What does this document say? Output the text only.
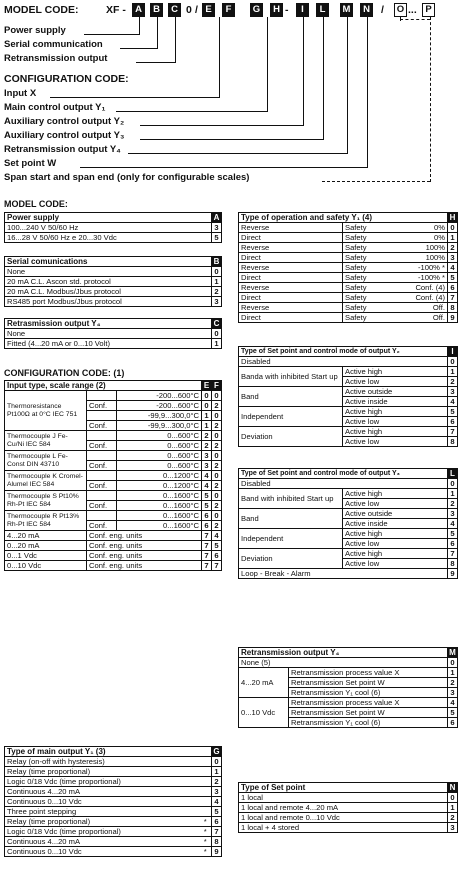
MODEL CODE:	XF - A	B	C 0 / E	F	G	H -	I	L	M	N / O ... P
Power supply
Serial communication
Retransmission output
CONFIGURATION CODE:
Input X
Main control output Y₁
Auxiliary control output Y₂
Auxiliary control output Y₃
Retransmission output Y₄
Set point W
Span start and span end (only for configurable scales)
MODEL CODE:
Power supply	A
100...240 V 50/60 Hz	3
16...28 V 50/60 Hz e 20...30 Vdc	5
Serial comunications	B
None	0
20 mA C.L. Ascon std. protocol	1
20 mA C.L. Modbus/Jbus protocol	2
RS485 port Modbus/Jbus protocol	3
Retrasmission output Y₄	C
None	0
Fitted (4...20 mA or 0...10 Volt)	1
CONFIGURATION CODE: (1)
Input type, scale range (2)			E	F
Thermoresistance Pt100Ω at 0°C IEC 751		-200...600°C	0	0
	Conf.	-200...600°C	0	2
		-99,9...300,0°C	1	0
	Conf.	-99,9...300,0°C	1	2
Thermocouple J Fe-Cu/Ni IEC 584		0...600°C	2	0
	Conf.	0...600°C	2	2
Thermocouple L Fe-Const DIN 43710		0...600°C	3	0
	Conf.	0...600°C	3	2
Thermocouple K Cromel-Alumel IEC 584		0...1200°C	4	0
	Conf.	0...1200°C	4	2
Thermocouple S Pt10% Rh-Pt IEC 584		0...1600°C	5	0
	Conf.	0...1600°C	5	2
Thermocouple R Pt13% Rh-Pt IEC 584		0...1600°C	6	0
	Conf.	0...1600°C	6	2
4...20 mA	Conf. eng. units		7	4
0...20 mA	Conf. eng. units		7	5
0...1 Vdc	Conf. eng. units		7	6
0...10 Vdc	Conf. eng. units		7	7
Type of main output Y₁ (3)		G
Relay (on-off with hysteresis)		0
Relay (time proportional)		1
Logic 0/18 Vdc (time proportional)		2
Continuous 4...20 mA		3
Continuous 0...10 Vdc		4
Three point stepping		5
Relay (time proportional)	*	6
Logic 0/18 Vdc (time proportional)	*	7
Continuous 4...20 mA	*	8
Continuous 0...10 Vdc	*	9
Type of operation and safety Y₁ (4)			H
Reverse	Safety	0%	0
Direct	Safety	0%	1
Reverse	Safety	100%	2
Direct	Safety	100%	3
Reverse	Safety	-100% *	4
Direct	Safety	-100% *	5
Reverse	Safety	Conf. (4)	6
Direct	Safety	Conf. (4)	7
Reverse	Safety	Off.	8
Direct	Safety	Off.	9
Type of Set point and control mode of output Y₂		I
Disabled		0
Banda with inhibited Start up	Active high	1
	Active low	2
Band	Active outside	3
	Active inside	4
Independent	Active high	5
	Active low	6
Deviation	Active high	7
	Active low	8
Type of Set point and control mode of output Y₃		L
Disabled		0
Band with inhibited Start up	Active high	1
	Active low	2
Band	Active outside	3
	Active inside	4
Independent	Active high	5
	Active low	6
Deviation	Active high	7
	Active low	8
Loop - Break - Alarm		9
Retransmission output Y₄		M
None (5)		0
4...20 mA	Retransmission process value X	1
	Retransmission Set point W	2
	Retransmission Y₁ cool (6)	3
0...10 Vdc	Retransmission process value X	4
	Retransmission Set point W	5
	Retransmission Y₁ cool (6)	6
Type of Set point	N
1 local	0
1 local and remote 4...20 mA	1
1 local and remote 0...10 Vdc	2
1 local + 4 stored	3
